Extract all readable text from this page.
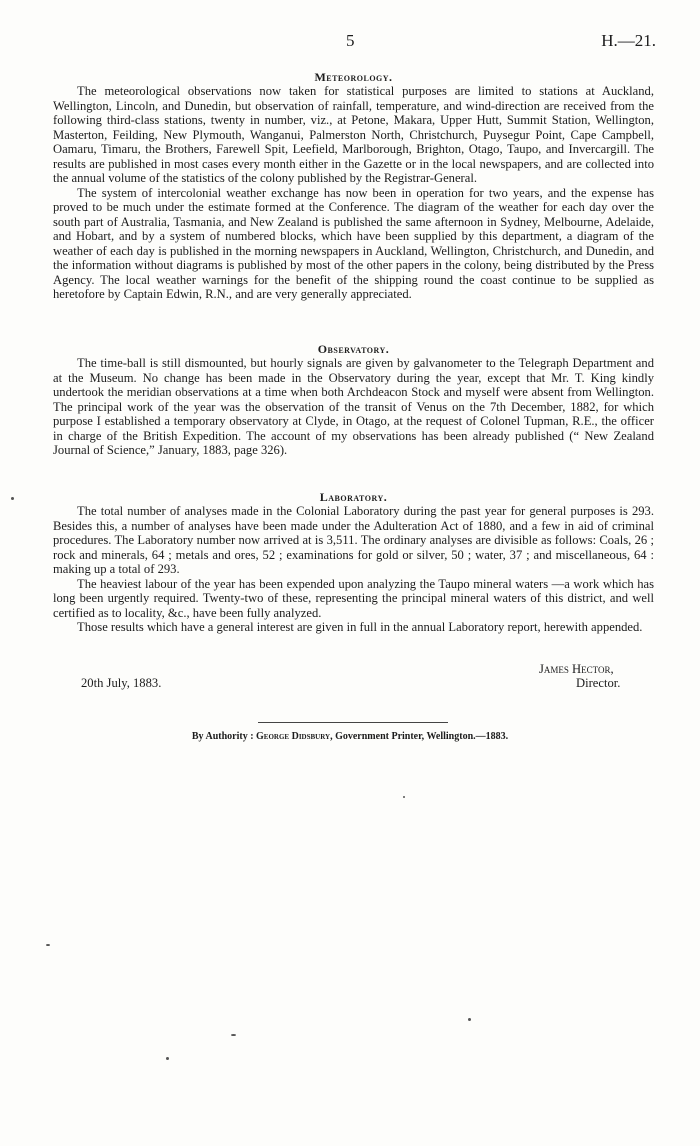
5	H.—21.
Meteorology.

The meteorological observations now taken for statistical purposes are limited to stations at Auckland, Wellington, Lincoln, and Dunedin, but observation of rainfall, temperature, and wind-direction are received from the following third-class stations, twenty in number, viz., at Petone, Makara, Upper Hutt, Summit Station, Wellington, Masterton, Feilding, New Plymouth, Wanganui, Palmerston North, Christchurch, Puysegur Point, Cape Campbell, Oamaru, Timaru, the Brothers, Farewell Spit, Leefield, Marlborough, Brighton, Otago, Taupo, and Invercargill. The results are published in most cases every month either in the Gazette or in the local newspapers, and are collected into the annual volume of the statistics of the colony published by the Registrar-General.

The system of intercolonial weather exchange has now been in operation for two years, and the expense has proved to be much under the estimate formed at the Conference. The diagram of the weather for each day over the south part of Australia, Tasmania, and New Zealand is published the same afternoon in Sydney, Melbourne, Adelaide, and Hobart, and by a system of numbered blocks, which have been supplied by this department, a diagram of the weather of each day is published in the morning newspapers in Auckland, Wellington, Christchurch, and Dunedin, and the information without diagrams is published by most of the other papers in the colony, being distributed by the Press Agency. The local weather warnings for the benefit of the shipping round the coast continue to be supplied as heretofore by Captain Edwin, R.N., and are very generally appreciated.

Observatory.

The time-ball is still dismounted, but hourly signals are given by galvanometer to the Telegraph Department and at the Museum. No change has been made in the Observatory during the year, except that Mr. T. King kindly undertook the meridian observations at a time when both Archdeacon Stock and myself were absent from Wellington. The principal work of the year was the observation of the transit of Venus on the 7th December, 1882, for which purpose I established a temporary observatory at Clyde, in Otago, at the request of Colonel Tupman, R.E., the officer in charge of the British Expedition. The account of my observations has been already published (“ New Zealand Journal of Science,” January, 1883, page 326).

Laboratory.

The total number of analyses made in the Colonial Laboratory during the past year for general purposes is 293. Besides this, a number of analyses have been made under the Adulteration Act of 1880, and a few in aid of criminal procedures. The Laboratory number now arrived at is 3,511. The ordinary analyses are divisible as follows: Coals, 26 ; rock and minerals, 64 ; metals and ores, 52 ; examinations for gold or silver, 50 ; water, 37 ; and miscellaneous, 64 : making up a total of 293.

The heaviest labour of the year has been expended upon analyzing the Taupo mineral waters —a work which has long been urgently required. Twenty-two of these, representing the principal mineral waters of this district, and well certified as to locality, &c., have been fully analyzed.

Those results which have a general interest are given in full in the annual Laboratory report, herewith appended.

James Hector,
Director.
20th July, 1883.
By Authority : George Didsbury, Government Printer, Wellington.—1883.
